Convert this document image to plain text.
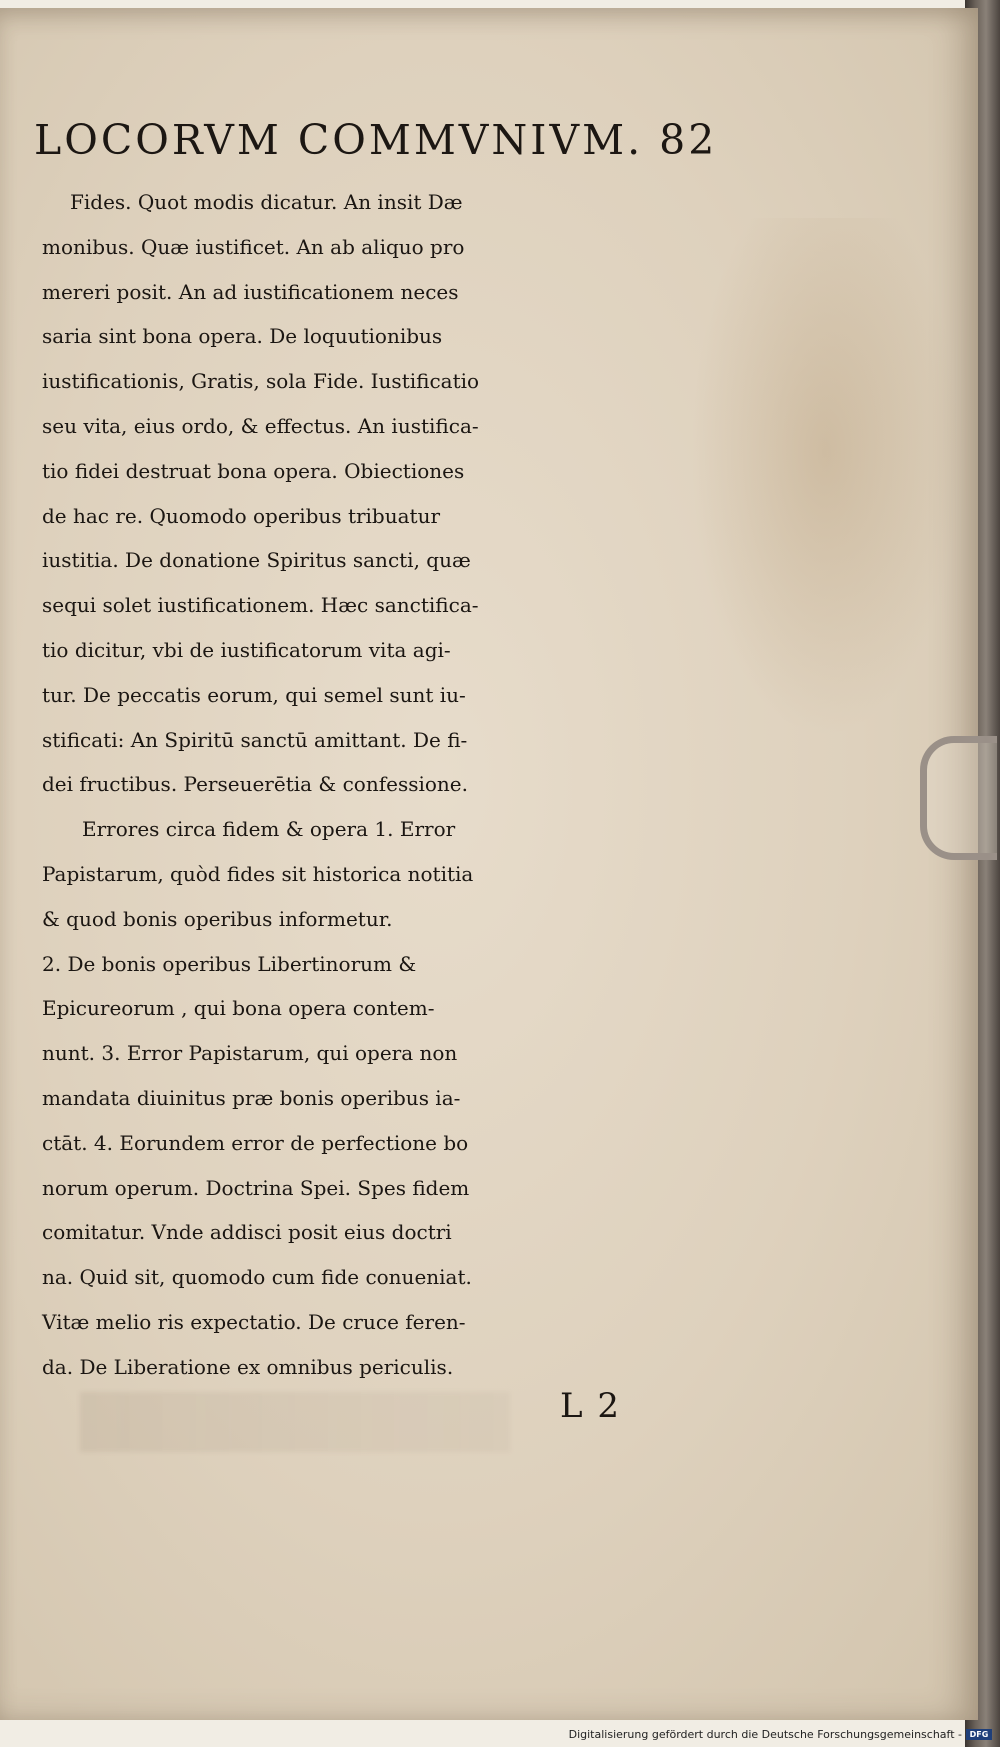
LOCORVM COMMVNIVM. 82
Fides. Quot modis dicatur. An insit Dæ
monibus. Quæ iustificet. An ab aliquo pro
mereri posit. An ad iustificationem neces
saria sint bona opera. De loquutionibus
iustificationis, Gratis, sola Fide. Iustificatio
seu vita, eius ordo, & effectus. An iustifica-
tio fidei destruat bona opera. Obiectiones
de hac re. Quomodo operibus tribuatur
iustitia. De donatione Spiritus sancti, quæ
sequi solet iustificationem. Hæc sanctifica-
tio dicitur, vbi de iustificatorum vita agi-
tur. De peccatis eorum, qui semel sunt iu-
stificati: An Spiritū sanctū amittant. De fi-
dei fructibus. Perseuerētia & confessione.
Errores circa fidem & opera 1. Error
Papistarum, quòd fides sit historica notitia
& quod bonis operibus informetur.
2. De bonis operibus Libertinorum &
Epicureorum , qui bona opera contem-
nunt. 3. Error Papistarum, qui opera non
mandata diuinitus præ bonis operibus ia-
ctāt. 4. Eorundem error de perfectione bo
norum operum. Doctrina Spei. Spes fidem
comitatur. Vnde addisci posit eius doctri
na. Quid sit, quomodo cum fide conueniat.
Vitæ melio ris expectatio. De cruce feren-
da. De Liberatione ex omnibus periculis.
L 2
Digitalisierung gefördert durch die Deutsche Forschungsgemeinschaft - DFG
